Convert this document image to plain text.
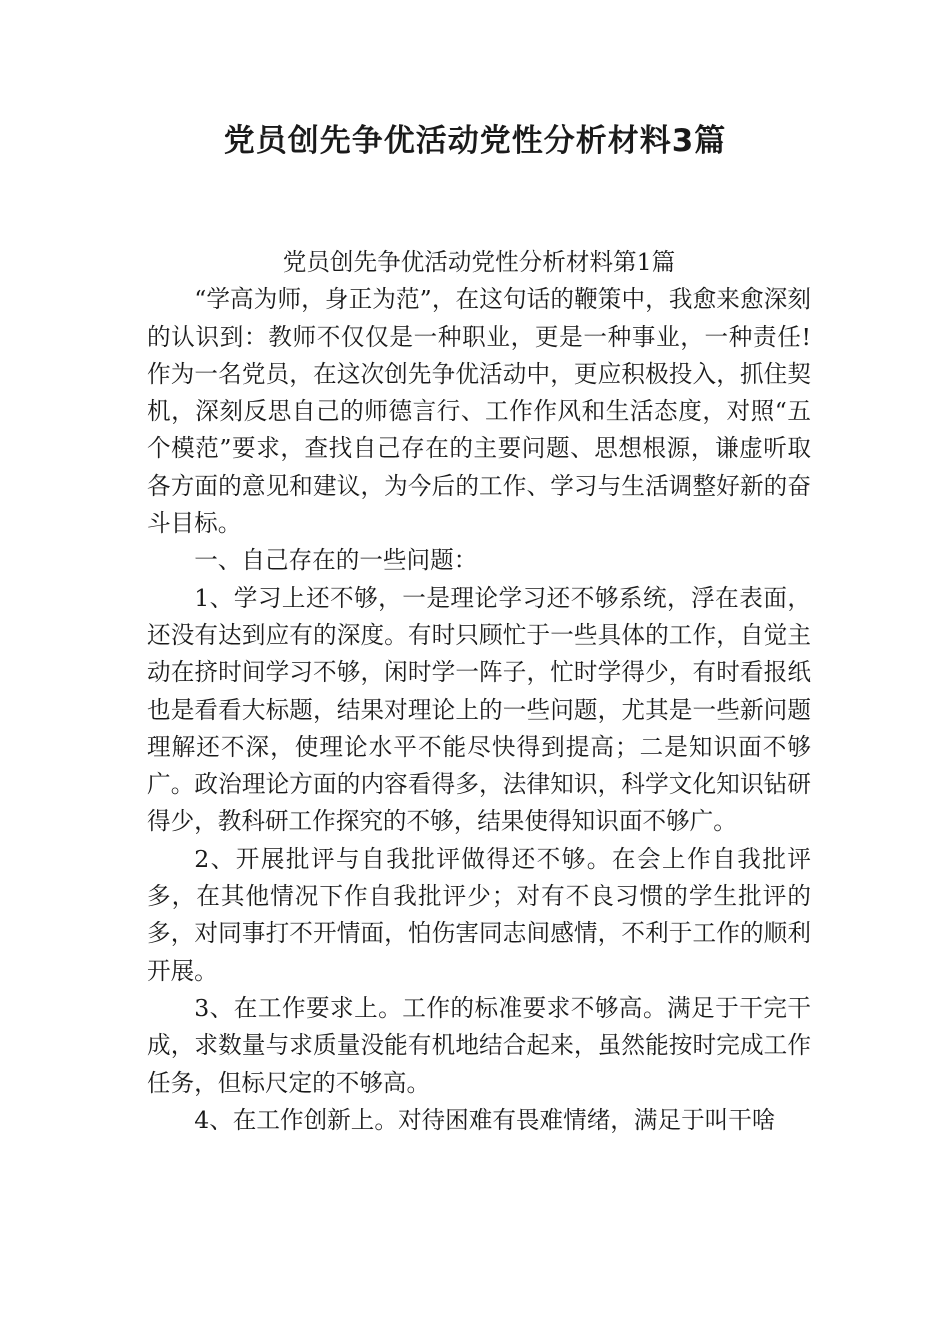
党员创先争优活动党性分析材料3篇
党员创先争优活动党性分析材料第1篇

“学高为师，身正为范”，在这句话的鞭策中，我愈来愈深刻的认识到：教师不仅仅是一种职业，更是一种事业，一种责任!作为一名党员，在这次创先争优活动中，更应积极投入，抓住契机，深刻反思自己的师德言行、工作作风和生活态度，对照“五个模范”要求，查找自己存在的主要问题、思想根源，谦虚听取各方面的意见和建议，为今后的工作、学习与生活调整好新的奋斗目标。

一、自己存在的一些问题：

1、学习上还不够，一是理论学习还不够系统，浮在表面，还没有达到应有的深度。有时只顾忙于一些具体的工作，自觉主动在挤时间学习不够，闲时学一阵子，忙时学得少，有时看报纸也是看看大标题，结果对理论上的一些问题，尤其是一些新问题理解还不深，使理论水平不能尽快得到提高；二是知识面不够广。政治理论方面的内容看得多，法律知识，科学文化知识钻研得少，教科研工作探究的不够，结果使得知识面不够广。

2、开展批评与自我批评做得还不够。在会上作自我批评多，在其他情况下作自我批评少；对有不良习惯的学生批评的多，对同事打不开情面，怕伤害同志间感情，不利于工作的顺利开展。

3、在工作要求上。工作的标准要求不够高。满足于干完干成，求数量与求质量没能有机地结合起来，虽然能按时完成工作任务，但标尺定的不够高。

4、在工作创新上。对待困难有畏难情绪，满足于叫干啥
